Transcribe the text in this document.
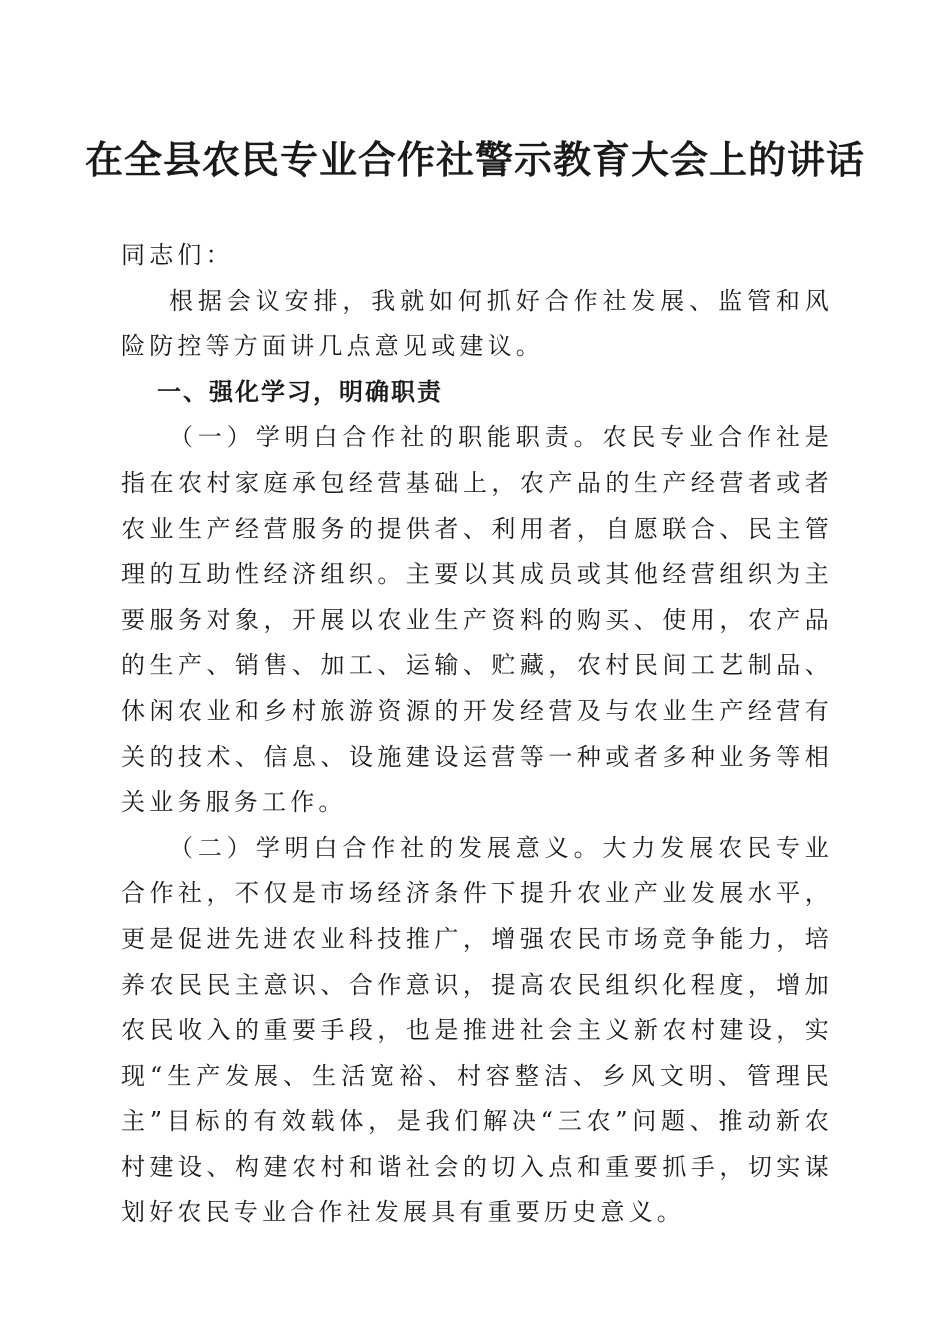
在全县农民专业合作社警示教育大会上的讲话

同志们：

根据会议安排，我就如何抓好合作社发展、监管和风险防控等方面讲几点意见或建议。

一、强化学习，明确职责

（一）学明白合作社的职能职责。农民专业合作社是指在农村家庭承包经营基础上，农产品的生产经营者或者农业生产经营服务的提供者、利用者，自愿联合、民主管理的互助性经济组织。主要以其成员或其他经营组织为主要服务对象，开展以农业生产资料的购买、使用，农产品的生产、销售、加工、运输、贮藏，农村民间工艺制品、休闲农业和乡村旅游资源的开发经营及与农业生产经营有关的技术、信息、设施建设运营等一种或者多种业务等相关业务服务工作。

（二）学明白合作社的发展意义。大力发展农民专业合作社，不仅是市场经济条件下提升农业产业发展水平，更是促进先进农业科技推广，增强农民市场竞争能力，培养农民民主意识、合作意识，提高农民组织化程度，增加农民收入的重要手段，也是推进社会主义新农村建设，实现“生产发展、生活宽裕、村容整洁、乡风文明、管理民主”目标的有效载体，是我们解决“三农”问题、推动新农村建设、构建农村和谐社会的切入点和重要抓手，切实谋划好农民专业合作社发展具有重要历史意义。
